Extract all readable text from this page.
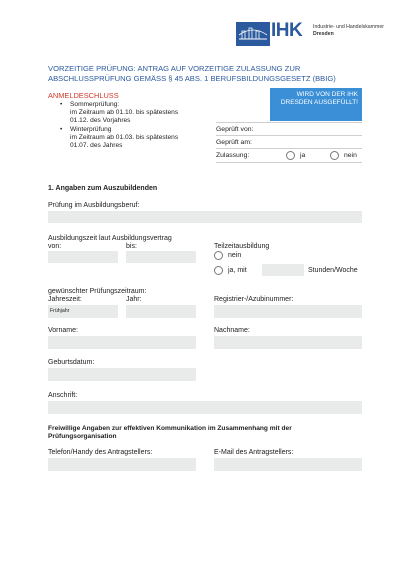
IHK Industrie- und Handelskammer
Dresden
VORZEITIGE PRÜFUNG: ANTRAG AUF VORZEITIGE ZULASSUNG ZUR ABSCHLUSSPRÜFUNG GEMÄSS § 45 ABS. 1 BERUFSBILDUNGSGESETZ (BBIG)
ANMELDESCHLUSS
• Sommerprüfung:
im Zeitraum ab 01.10. bis spätestens
01.12. des Vorjahres
• Winterprüfung
im Zeitraum ab 01.03. bis spätestens
01.07. des Jahres
WIRD VON DER IHK DRESDEN AUSGEFÜLLT!
Geprüft von:
Geprüft am:
Zulassung:	ja	nein
1. Angaben zum Auszubildenden
Prüfung im Ausbildungsberuf:
Ausbildungszeit laut Ausbildungsvertrag
von:	bis:	Teilzeitausbildung
nein
ja, mit	Stunden/Woche
gewünschter Prüfungszeitraum:
Jahreszeit:	Jahr:
Frühjahr
Registrier-/Azubinummer:
Vorname:	Nachname:
Geburtsdatum:
Anschrift:
Freiwillige Angaben zur effektiven Kommunikation im Zusammenhang mit der Prüfungsorganisation
Telefon/Handy des Antragstellers:	E-Mail des Antragstellers:
